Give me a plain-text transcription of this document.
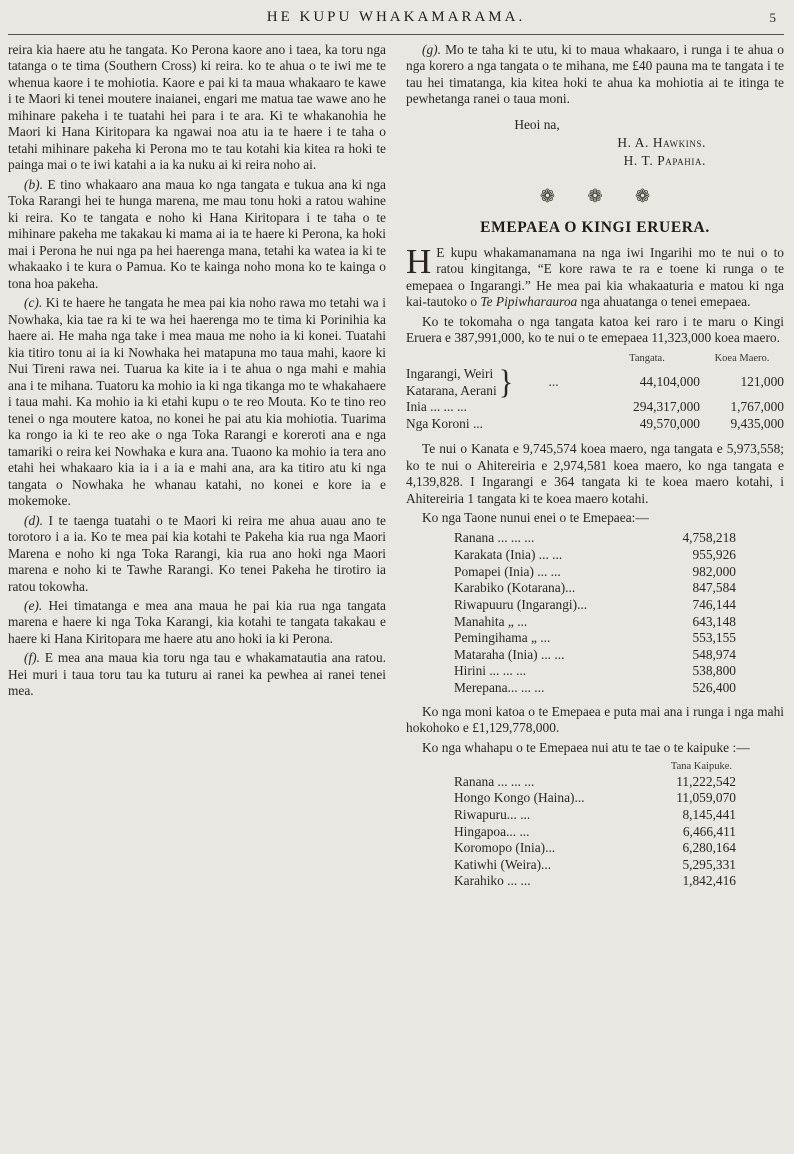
HE KUPU WHAKAMARAMA.	5

reira kia haere atu he tangata. Ko Perona kaore ano i taea, ka toru nga tatanga o te tima (Southern Cross) ki reira. ko te ahua o te iwi me te whenua kaore i te mohiotia. Kaore e pai ki ta maua whakaaro te kawe i te Maori ki tenei moutere inaianei, engari me matua tae wawe ano he mihinare pakeha i te tuatahi hei para i te ara. Ki te whakanohia he Maori ki Hana Kiritopara ka ngawai noa atu ia te haere i te taha o tetahi mihinare pakeha ki Perona mo te tau kotahi kia kitea ra hoki te painga mai o te iwi katahi a ia ka nuku ai ki reira noho ai.

(b). E tino whakaaro ana maua ko nga tangata e tukua ana ki nga Toka Rarangi hei te hunga marena, me mau tonu hoki a ratou wahine ki reira. Ko te tangata e noho ki Hana Kiritopara i te taha o te mihinare pakeha me takakau ki mama ai ia te haere ki Perona, ka hoki mai i Perona he nui nga pa hei haerenga mana, tetahi ka watea ia ki te whakaako i te kura o Pamua. Ko te kainga noho mona ko te kainga o tona hoa pakeha.

(c). Ki te haere he tangata he mea pai kia noho rawa mo tetahi wa i Nowhaka, kia tae ra ki te wa hei haerenga mo te tima ki Porinihia ka haere ai. He maha nga take i mea maua me noho ia ki konei. Tuatahi kia titiro tonu ai ia ki Nowhaka hei matapuna mo taua mahi, kaore ki Nui Tireni rawa nei. Tuarua ka kite ia i te ahua o nga mahi e mahia ana i te mihana. Tuatoru ka mohio ia ki nga tikanga mo te whakahaere i taua mahi. Ka mohio ia ki etahi kupu o te reo Mouta. Ko te tino reo tenei o nga moutere katoa, no konei he pai atu kia mohiotia. Tuarima ka rongo ia ki te reo ake o nga Toka Rarangi e koreroti ana e nga tamariki o reira kei Nowhaka e kura ana. Tuaono ka mohio ia tera ano etahi hei whakaaro kia ia i a ia e mahi ana, ara ka titiro atu ki nga tangata o Nowhaka he whanau katahi, no konei e kore ia e mokemoke.

(d). I te taenga tuatahi o te Maori ki reira me ahua auau ano te torotoro i a ia. Ko te mea pai kia kotahi te Pakeha kia rua nga Maori Marena e noho ki nga Toka Rarangi, kia rua ano hoki nga Maori marena e noho ki te Tawhe Rarangi. Ko tenei Pakeha he tirotiro ia ratou tokowha.

(e). Hei timatanga e mea ana maua he pai kia rua nga tangata marena e haere ki nga Toka Karangi, kia kotahi te tangata takakau e haere ki Hana Kiritopara me haere atu ano hoki ia ki Perona.

(f). E mea ana maua kia toru nga tau e whakamatautia ana ratou. Hei muri i taua toru tau ka tuturu ai ranei ka pewhea ai ranei tenei mea.

(g). Mo te taha ki te utu, ki to maua whakaaro, i runga i te ahua o nga korero a nga tangata o te mihana, me £40 pauna ma te tangata i te tau hei timatanga, kia kitea hoki te ahua ka mohiotia ai te itinga te pewhetanga ranei o taua moni.

Heoi na,
H. A. Hawkins.
H. T. Papahia.
❁ ❁ ❁
EMEPAEA O KINGI ERUERA.

H E kupu whakamanamana na nga iwi Ingarihi mo te nui o to ratou kingitanga, “E kore rawa te ra e toene ki runga o te emepaea o Ingarangi.” He mea pai kia whakaaturia e matou ki nga kai-tautoko o Te Pipiwharauroa nga ahuatanga o tenei emepaea.

Ko te tokomaha o nga tangata katoa kei raro i te maru o Kingi Eruera e 387,991,000, ko te nui o te emepaea 11,323,000 koea maero.

Tangata.	Koea Maero.
Ingarangi, Weiri
Katarana, Aerani }	...	44,104,000	121,000
Inia ... ... ...	294,317,000	1,767,000
Nga Koroni ...	49,570,000	9,435,000

Te nui o Kanata e 9,745,574 koea maero, nga tangata e 5,973,558; ko te nui o Ahitereiria e 2,974,581 koea maero, ko nga tangata e 4,139,828. I Ingarangi e 364 tangata ki te koea maero kotahi, i Ahitereiria 1 tangata ki te koea maero kotahi.

Ko nga Taone nunui enei o te Emepaea:—

Ranana ... ... ...	4,758,218
Karakata (Inia) ... ...	955,926
Pomapei (Inia) ... ...	982,000
Karabiko (Kotarana)...	847,584
Riwapuuru (Ingarangi)...	746,144
Manahita „ ...	643,148
Pemingihama „ ...	553,155
Mataraha (Inia) ... ...	548,974
Hirini ... ... ...	538,800
Merepana... ... ...	526,400

Ko nga moni katoa o te Emepaea e puta mai ana i runga i nga mahi hokohoko e £1,129,778,000.

Ko nga whahapu o te Emepaea nui atu te tae o te kaipuke :—

Tana Kaipuke.
Ranana ... ... ...	11,222,542
Hongo Kongo (Haina)...	11,059,070
Riwapuru... ...	8,145,441
Hingapoa... ...	6,466,411
Koromopo (Inia)...	6,280,164
Katiwhi (Weira)...	5,295,331
Karahiko ... ...	1,842,416
